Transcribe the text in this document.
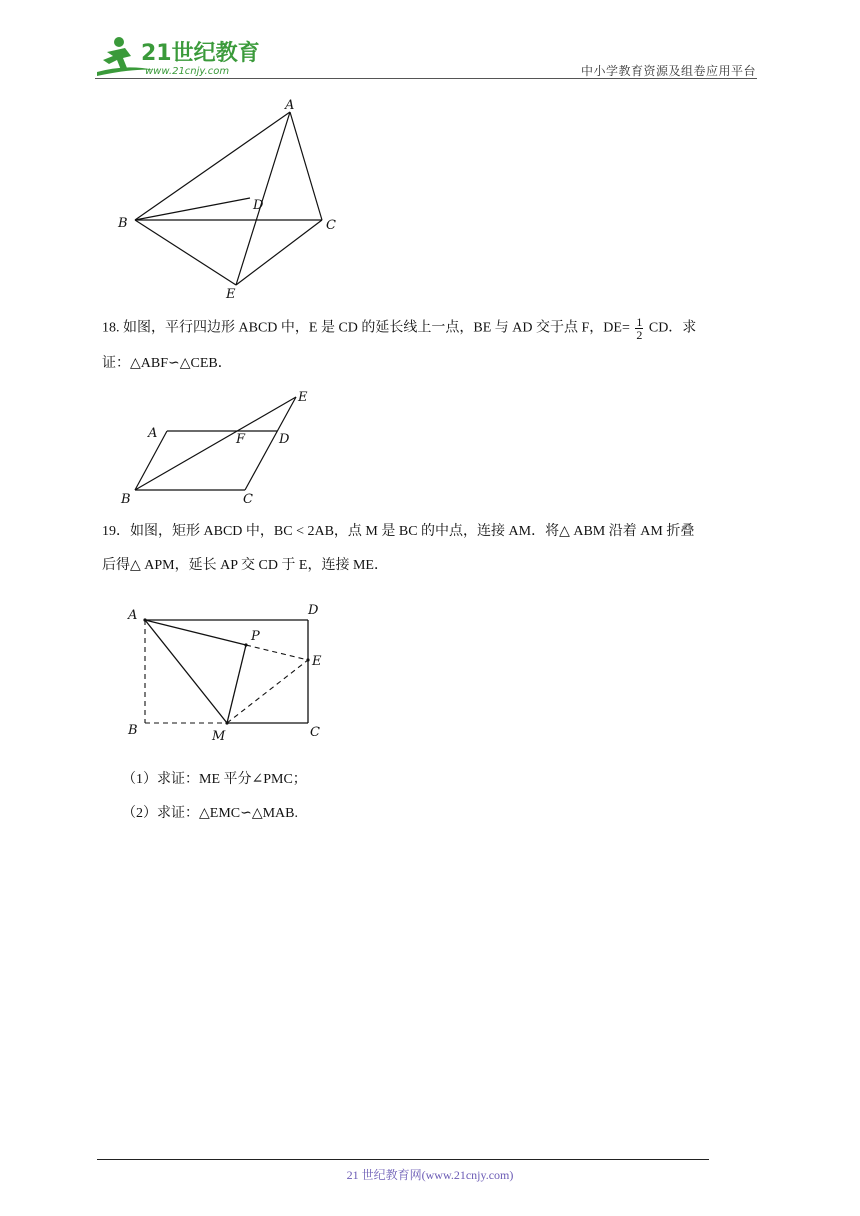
21世纪教育
www.21cnjy.com	中小学教育资源及组卷应用平台
A
B	C
D
E
18. 如图，平行四边形 ABCD 中，E 是 CD 的延长线上一点，BE 与 AD 交于点 F，$DE= \frac{1}{2}$ CD．求
证：△ABF∽△CEB．
A
B	C
D
E
F
19．如图，矩形 ABCD 中，BC < 2AB，点 M 是 BC 的中点，连接 AM．将△ ABM 沿着 AM 折叠
后得△ APM，延长 AP 交 CD 于 E，连接 ME．
A
B	C
D
E
M
P
（1）求证：ME 平分∠PMC；
（2）求证：△EMC∽△MAB.
21 世纪教育网(www.21cnjy.com)
